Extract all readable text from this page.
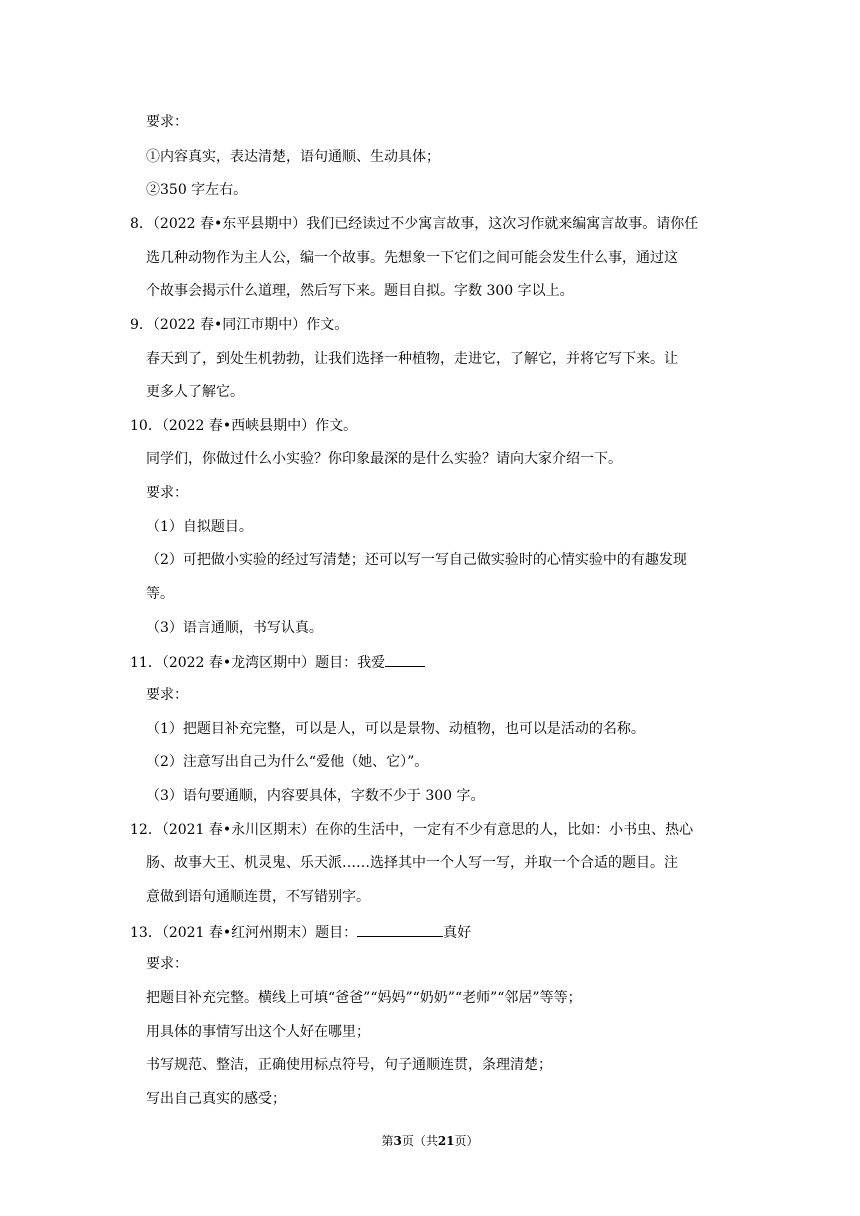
要求：
①内容真实，表达清楚，语句通顺、生动具体；
②350 字左右。
8．（2022 春•东平县期中）我们已经读过不少寓言故事，这次习作就来编寓言故事。请你任
选几种动物作为主人公，编一个故事。先想象一下它们之间可能会发生什么事，通过这
个故事会揭示什么道理，然后写下来。题目自拟。字数 300 字以上。
9．（2022 春•同江市期中）作文。
春天到了，到处生机勃勃，让我们选择一种植物，走进它，了解它，并将它写下来。让
更多人了解它。
10．（2022 春•西峡县期中）作文。
同学们，你做过什么小实验？你印象最深的是什么实验？请向大家介绍一下。
要求：
（1）自拟题目。
（2）可把做小实验的经过写清楚；还可以写一写自己做实验时的心情实验中的有趣发现
等。
（3）语言通顺，书写认真。
11．（2022 春•龙湾区期中）题目：我爱
要求：
（1）把题目补充完整，可以是人，可以是景物、动植物，也可以是活动的名称。
（2）注意写出自己为什么“爱他（她、它）”。
（3）语句要通顺，内容要具体，字数不少于 300 字。
12．（2021 春•永川区期末）在你的生活中，一定有不少有意思的人，比如：小书虫、热心
肠、故事大王、机灵鬼、乐天派……选择其中一个人写一写，并取一个合适的题目。注
意做到语句通顺连贯，不写错别字。
13．（2021 春•红河州期末）题目：	真好
要求：
把题目补充完整。横线上可填“爸爸”“妈妈”“奶奶”“老师”“邻居”等等；
用具体的事情写出这个人好在哪里；
书写规范、整洁，正确使用标点符号，句子通顺连贯，条理清楚；
写出自己真实的感受；
第3页（共21页）
